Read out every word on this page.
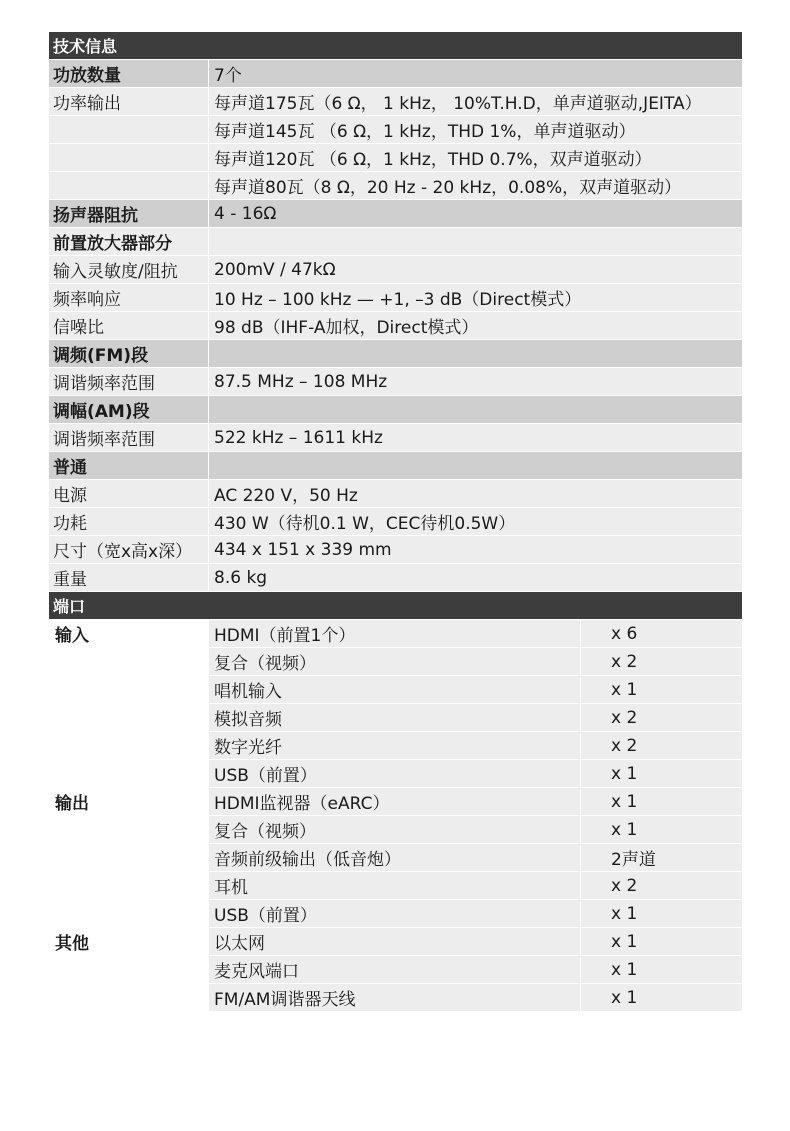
技术信息
功放数量	7个
功率输出	每声道175瓦（6 Ω， 1 kHz， 10%T.H.D，单声道驱动,JEITA）
每声道145瓦 （6 Ω，1 kHz，THD 1%，单声道驱动）
每声道120瓦 （6 Ω，1 kHz，THD 0.7%，双声道驱动）
每声道80瓦（8 Ω，20 Hz - 20 kHz，0.08%，双声道驱动）
扬声器阻抗	4 - 16Ω
前置放大器部分
输入灵敏度/阻抗	200mV / 47kΩ
频率响应	10 Hz – 100 kHz — +1, –3 dB（Direct模式）
信噪比	98 dB（IHF-A加权，Direct模式）
调频(FM)段
调谐频率范围	87.5 MHz – 108 MHz
调幅(AM)段
调谐频率范围	522 kHz – 1611 kHz
普通
电源	AC 220 V，50 Hz
功耗	430 W（待机0.1 W，CEC待机0.5W）
尺寸（宽x高x深）	434 x 151 x 339 mm
重量	8.6 kg
端口
输入	HDMI（前置1个）	x 6
复合（视频）	x 2
唱机输入	x 1
模拟音频	x 2
数字光纤	x 2
USB（前置）	x 1
输出	HDMI监视器（eARC）	x 1
复合（视频）	x 1
音频前级输出（低音炮）	2声道
耳机	x 2
USB（前置）	x 1
其他	以太网	x 1
麦克风端口	x 1
FM/AM调谐器天线	x 1
